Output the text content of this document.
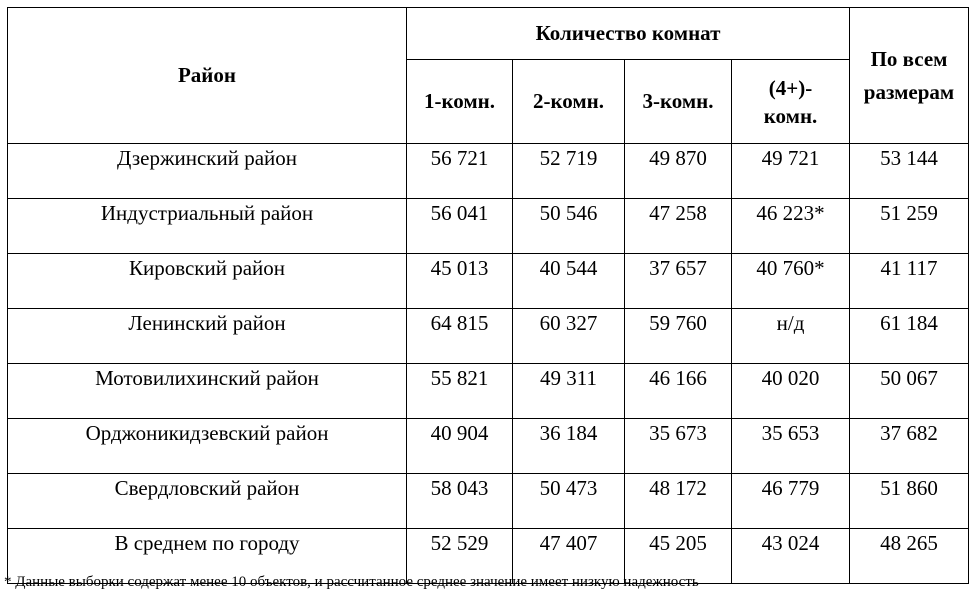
Район	Количество комнат				По всем
размерам
	1-комн.	2-комн.	3-комн.	(4+)-
комн.	
Дзержинский район	56 721	52 719	49 870	49 721	53 144
Индустриальный район	56 041	50 546	47 258	46 223*	51 259
Кировский район	45 013	40 544	37 657	40 760*	41 117
Ленинский район	64 815	60 327	59 760	н/д	61 184
Мотовилихинский район	55 821	49 311	46 166	40 020	50 067
Орджоникидзевский район	40 904	36 184	35 673	35 653	37 682
Свердловский район	58 043	50 473	48 172	46 779	51 860
В среднем по городу	52 529	47 407	45 205	43 024	48 265
* Данные выборки содержат менее 10 объектов, и рассчитанное среднее значение имеет низкую надежность
